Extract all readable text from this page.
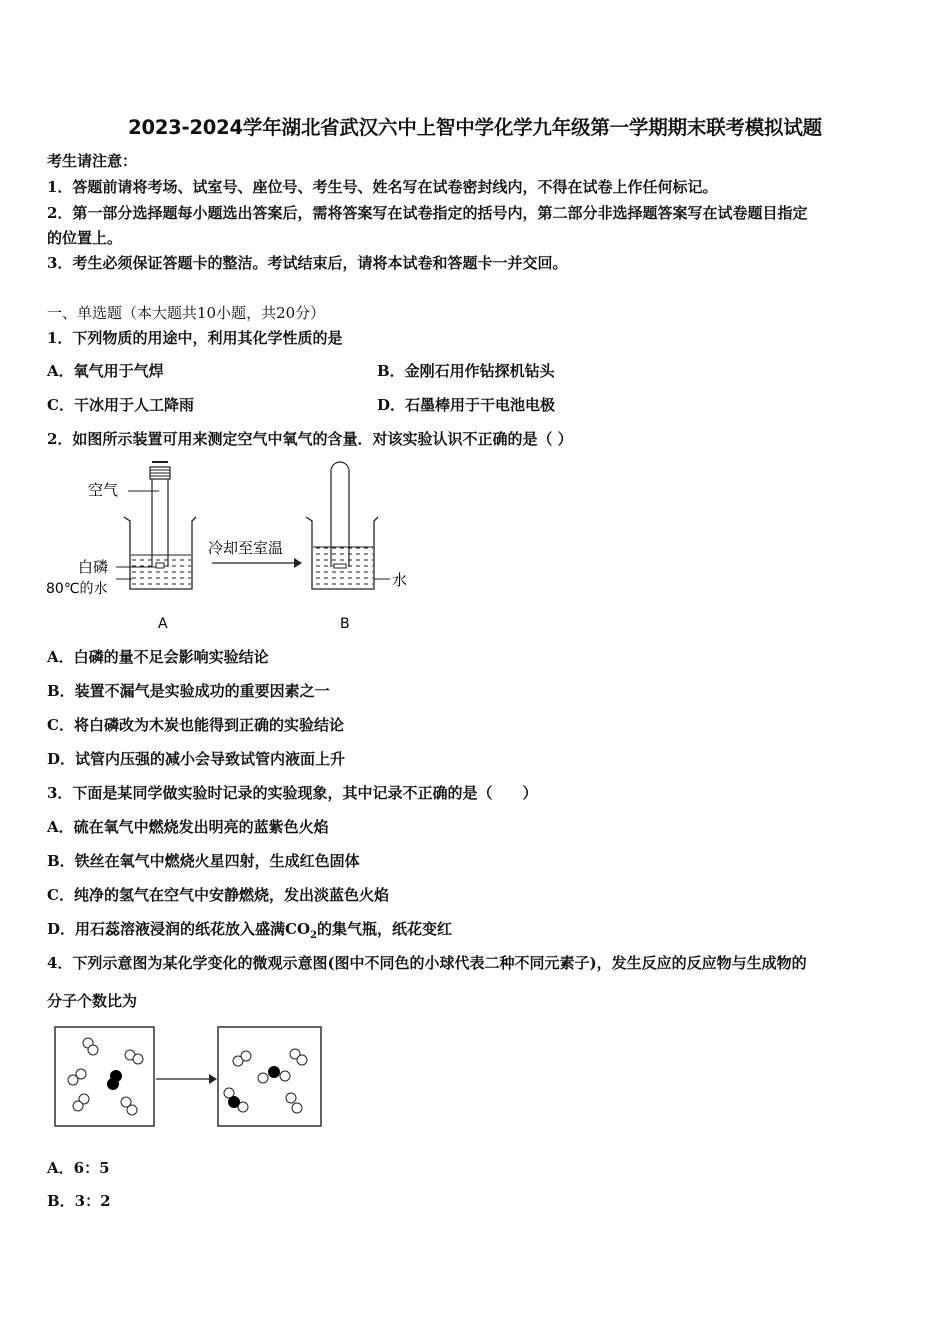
2023-2024学年湖北省武汉六中上智中学化学九年级第一学期期末联考模拟试题
考生请注意：
1．答题前请将考场、试室号、座位号、考生号、姓名写在试卷密封线内，不得在试卷上作任何标记。
2．第一部分选择题每小题选出答案后，需将答案写在试卷指定的括号内，第二部分非选择题答案写在试卷题目指定
的位置上。
3．考生必须保证答题卡的整洁。考试结束后，请将本试卷和答题卡一并交回。
一、单选题（本大题共10小题，共20分）
1．下列物质的用途中，利用其化学性质的是
A．氧气用于气焊	B．金刚石用作钻探机钻头
C．干冰用于人工降雨	D．石墨棒用于干电池电极
2．如图所示装置可用来测定空气中氧气的含量．对该实验认识不正确的是（ ）
空气
白磷
80℃的水
冷却至室温
水
A	B
A．白磷的量不足会影响实验结论
B．装置不漏气是实验成功的重要因素之一
C．将白磷改为木炭也能得到正确的实验结论
D．试管内压强的减小会导致试管内液面上升
3．下面是某同学做实验时记录的实验现象，其中记录不正确的是（　　）
A．硫在氧气中燃烧发出明亮的蓝紫色火焰
B．铁丝在氧气中燃烧火星四射，生成红色固体
C．纯净的氢气在空气中安静燃烧，发出淡蓝色火焰
D．用石蕊溶液浸润的纸花放入盛满$CO_2$的集气瓶，纸花变红
4．下列示意图为某化学变化的微观示意图(图中不同色的小球代表二种不同元素子)，发生反应的反应物与生成物的
分子个数比为
A．6：5
B．3：2
